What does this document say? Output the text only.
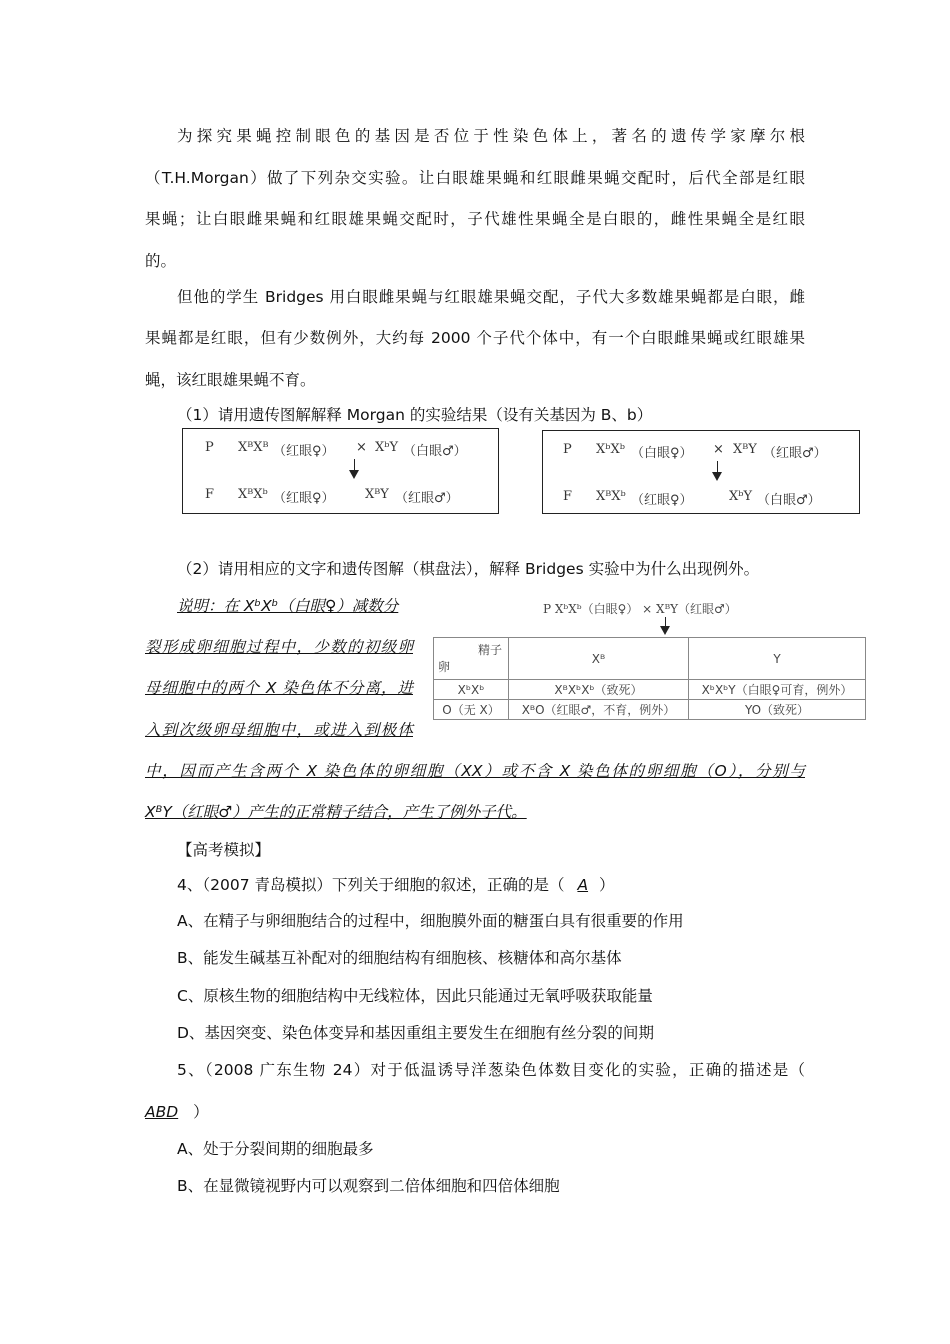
为探究果蝇控制眼色的基因是否位于性染色体上，著名的遗传学家摩尔根
（T.H.Morgan）做了下列杂交实验。让白眼雄果蝇和红眼雌果蝇交配时，后代全部是红眼
果蝇；让白眼雌果蝇和红眼雄果蝇交配时，子代雄性果蝇全是白眼的，雌性果蝇全是红眼
的。
但他的学生 Bridges 用白眼雌果蝇与红眼雄果蝇交配，子代大多数雄果蝇都是白眼，雌
果蝇都是红眼，但有少数例外，大约每 2000 个子代个体中，有一个白眼雌果蝇或红眼雄果
蝇，该红眼雄果蝇不育。
（1）请用遗传图解解释 Morgan 的实验结果（设有关基因为 B、b）
P XᴮXᴮ （红眼♀） × XᵇY （白眼♂）
F XᴮXᵇ （红眼♀） XᴮY （红眼♂）
P XᵇXᵇ （白眼♀） × XᴮY （红眼♂）
F XᴮXᵇ （红眼♀）	XᵇY （白眼♂）
（2）请用相应的文字和遗传图解（棋盘法），解释 Bridges 实验中为什么出现例外。
说明：在 XᵇXᵇ（白眼♀）减数分
裂形成卵细胞过程中，少数的初级卵
母细胞中的两个 X 染色体不分离，进
入到次级卵母细胞中，或进入到极体
中，因而产生含两个 X 染色体的卵细胞（XX）或不含 X 染色体的卵细胞（O），分别与
XᴮY（红眼♂）产生的正常精子结合，产生了例外子代。
P XᵇXᵇ（白眼♀） × XᴮY（红眼♂）
精子
卵	Xᴮ	Y
XᵇXᵇ	XᴮXᵇXᵇ（致死）	XᵇXᵇY（白眼♀可育，例外）
O（无 X）	XᴮO（红眼♂，不育，例外）	YO（致死）
【高考模拟】
4、（2007 青岛模拟）下列关于细胞的叙述，正确的是（ A ）
A、在精子与卵细胞结合的过程中，细胞膜外面的糖蛋白具有很重要的作用
B、能发生碱基互补配对的细胞结构有细胞核、核糖体和高尔基体
C、原核生物的细胞结构中无线粒体，因此只能通过无氧呼吸获取能量
D、基因突变、染色体变异和基因重组主要发生在细胞有丝分裂的间期
5、（2008 广东生物 24）对于低温诱导洋葱染色体数目变化的实验，正确的描述是（
ABD ）
A、处于分裂间期的细胞最多
B、在显微镜视野内可以观察到二倍体细胞和四倍体细胞
